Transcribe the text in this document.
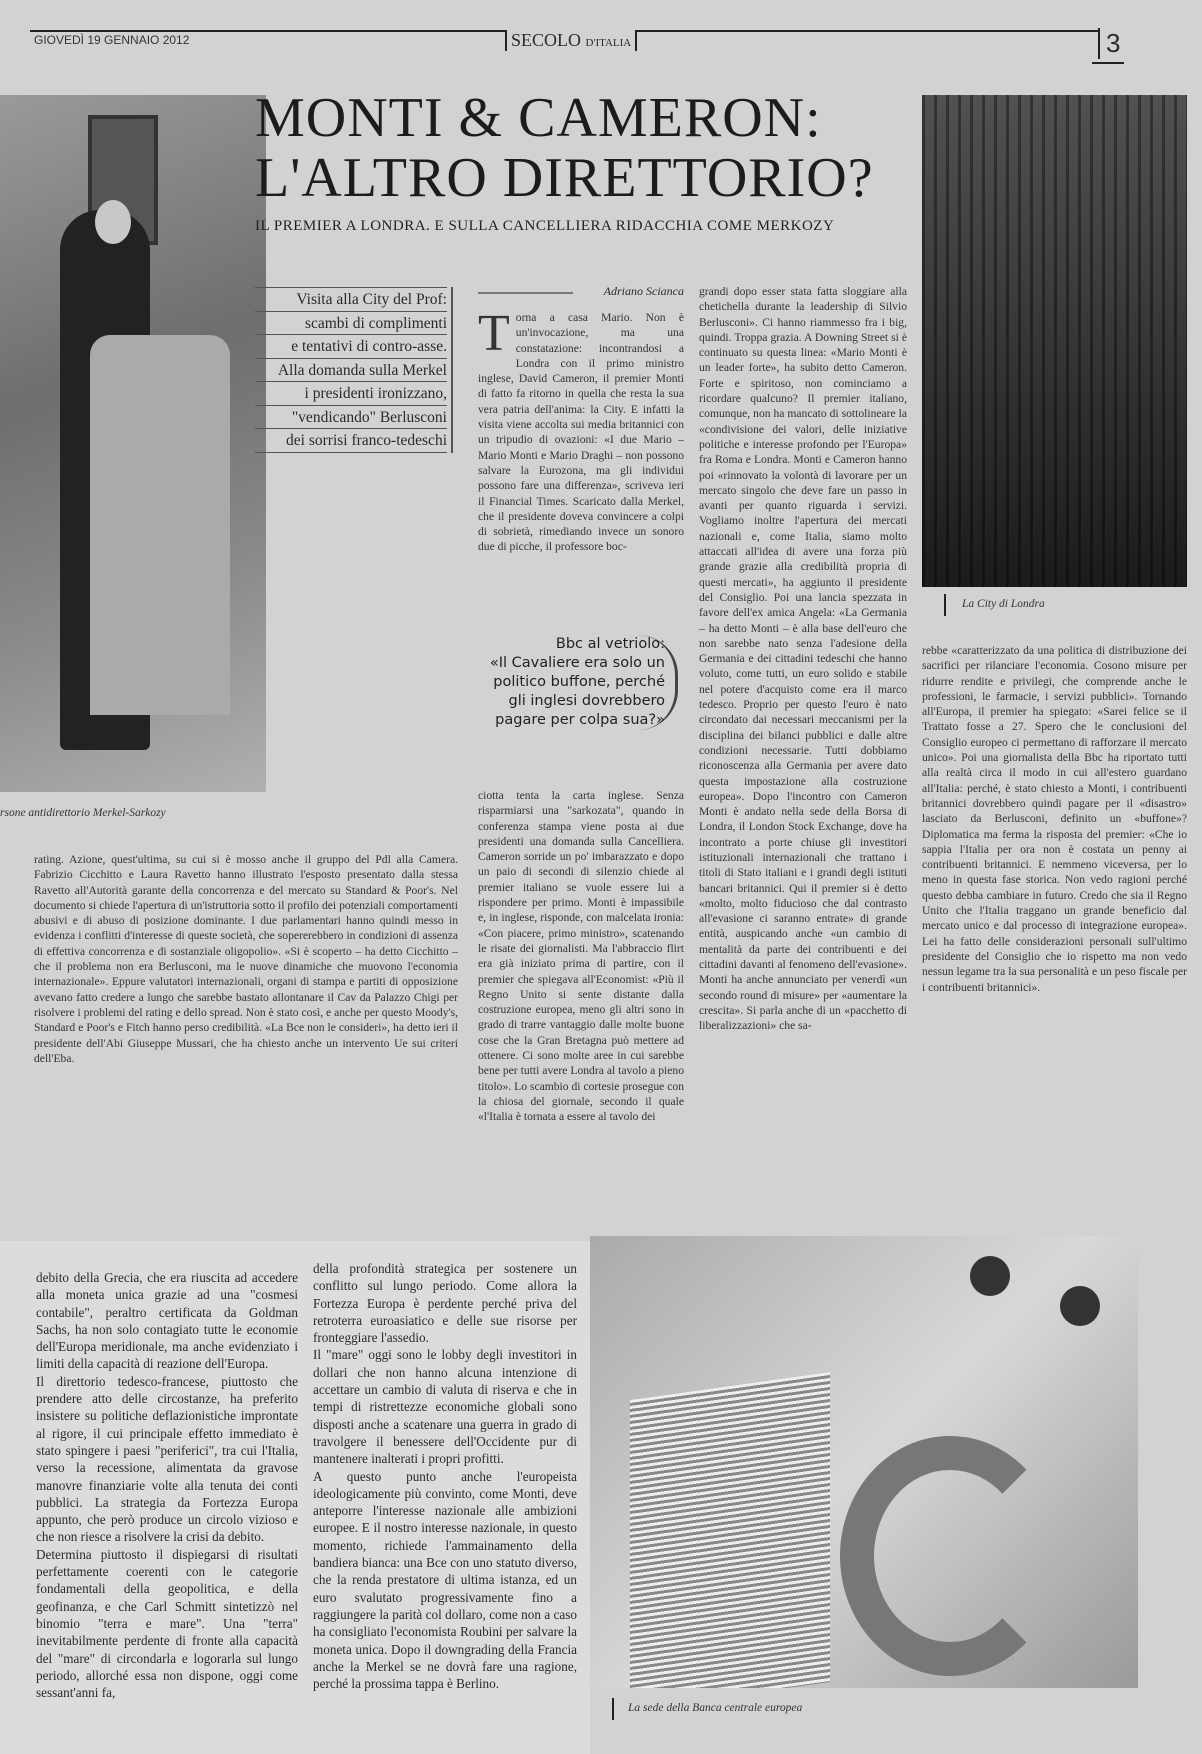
GIOVEDÌ 19 GENNAIO 2012	SECOLO D'ITALIA	3
rsone antidirettorio Merkel-Sarkozy
MONTI & CAMERON:
L'ALTRO DIRETTORIO?
IL PREMIER A LONDRA. E SULLA CANCELLIERA RIDACCHIA COME MERKOZY
Visita alla City del Prof:
scambi di complimenti
e tentativi di contro-asse.
Alla domanda sulla Merkel
i presidenti ironizzano,
"vendicando" Berlusconi
dei sorrisi franco-tedeschi
Adriano Scianca
Torna a casa Mario. Non è un'invocazione, ma una constatazione: incontrandosi a Londra con il primo ministro inglese, David Cameron, il premier Monti di fatto fa ritorno in quella che resta la sua vera patria dell'anima: la City. E infatti la visita viene accolta sui media britannici con un tripudio di ovazioni: «I due Mario – Mario Monti e Mario Draghi – non possono salvare la Eurozona, ma gli individui possono fare una differenza», scriveva ieri il Financial Times. Scaricato dalla Merkel, che il presidente doveva convincere a colpi di sobrietà, rimediando invece un sonoro due di picche, il professore boc-
Bbc al vetriolo:
«Il Cavaliere era solo un politico buffone, perché gli inglesi dovrebbero pagare per colpa sua?»
ciotta tenta la carta inglese. Senza risparmiarsi una "sarkozata", quando in conferenza stampa viene posta ai due presidenti una domanda sulla Cancelliera. Cameron sorride un po' imbarazzato e dopo un paio di secondi di silenzio chiede al premier italiano se vuole essere lui a rispondere per primo. Monti è impassibile e, in inglese, risponde, con malcelata ironia: «Con piacere, primo ministro», scatenando le risate dei giornalisti. Ma l'abbraccio flirt era già iniziato prima di partire, con il premier che spiegava all'Economist: «Più il Regno Unito si sente distante dalla costruzione europea, meno gli altri sono in grado di trarre vantaggio dalle molte buone cose che la Gran Bretagna può mettere ad ottenere. Ci sono molte aree in cui sarebbe bene per tutti avere Londra al tavolo a pieno titolo». Lo scambio di cortesie prosegue con la chiosa del giornale, secondo il quale «l'Italia è tornata a essere al tavolo dei
grandi dopo esser stata fatta sloggiare alla chetichella durante la leadership di Silvio Berlusconi». Ci hanno riammesso fra i big, quindi. Troppa grazia. A Downing Street si è continuato su questa linea: «Mario Monti è un leader forte», ha subito detto Cameron. Forte e spiritoso, non cominciamo a ricordare qualcuno? Il premier italiano, comunque, non ha mancato di sottolineare la «condivisione dei valori, delle iniziative politiche e interesse profondo per l'Europa» fra Roma e Londra. Monti e Cameron hanno poi «rinnovato la volontà di lavorare per un mercato singolo che deve fare un passo in avanti per quanto riguarda i servizi. Vogliamo inoltre l'apertura dei mercati nazionali e, come Italia, siamo molto attaccati all'idea di avere una forza più grande grazie alla credibilità propria di questi mercati», ha aggiunto il presidente del Consiglio. Poi una lancia spezzata in favore dell'ex amica Angela: «La Germania – ha detto Monti – è alla base dell'euro che non sarebbe nato senza l'adesione della Germania e dei cittadini tedeschi che hanno voluto, come tutti, un euro solido e stabile nel potere d'acquisto come era il marco tedesco. Proprio per questo l'euro è nato circondato dai necessari meccanismi per la disciplina dei bilanci pubblici e dalle altre condizioni necessarie. Tutti dobbiamo riconoscenza alla Germania per avere dato questa impostazione alla costruzione europea». Dopo l'incontro con Cameron Monti è andato nella sede della Borsa di Londra, il London Stock Exchange, dove ha incontrato a porte chiuse gli investitori istituzionali internazionali che trattano i titoli di Stato italiani e i grandi degli istituti bancari britannici. Qui il premier si è detto «molto, molto fiducioso che dal contrasto all'evasione ci saranno entrate» di grande entità, auspicando anche «un cambio di mentalità da parte dei contribuenti e dei cittadini davanti al fenomeno dell'evasione». Monti ha anche annunciato per venerdì «un secondo round di misure» per «aumentare la crescita». Si parla anche di un «pacchetto di liberalizzazioni» che sa-
La City di Londra
rebbe «caratterizzato da una politica di distribuzione dei sacrifici per rilanciare l'economia. Cosono misure per ridurre rendite e privilegi, che comprende anche le professioni, le farmacie, i servizi pubblici». Tornando all'Europa, il premier ha spiegato: «Sarei felice se il Trattato fosse a 27. Spero che le conclusioni del Consiglio europeo ci permettano di rafforzare il mercato unico». Poi una giornalista della Bbc ha riportato tutti alla realtà circa il modo in cui all'estero guardano all'Italia: perché, è stato chiesto a Monti, i contribuenti britannici dovrebbero quindi pagare per il «disastro» lasciato da Berlusconi, definito un «buffone»? Diplomatica ma ferma la risposta del premier: «Che io sappia l'Italia per ora non è costata un penny ai contribuenti britannici. E nemmeno viceversa, per lo meno in questa fase storica. Non vedo ragioni perché questo debba cambiare in futuro. Credo che sia il Regno Unito che l'Italia traggano un grande beneficio dal mercato unico e dal processo di integrazione europea». Lei ha fatto delle considerazioni personali sull'ultimo presidente del Consiglio che io rispetto ma non vedo nessun legame tra la sua personalità e un peso fiscale per i contribuenti britannici».
rating. Azione, quest'ultima, su cui si è mosso anche il gruppo del Pdl alla Camera. Fabrizio Cicchitto e Laura Ravetto hanno illustrato l'esposto presentato dalla stessa Ravetto all'Autorità garante della concorrenza e del mercato su Standard & Poor's. Nel documento si chiede l'apertura di un'istruttoria sotto il profilo dei potenziali comportamenti abusivi e di abuso di posizione dominante. I due parlamentari hanno quindi messo in evidenza i conflitti d'interesse di queste società, che sopererebbero in condizioni di assenza di effettiva concorrenza e di sostanziale oligopolio». «Si è scoperto – ha detto Cicchitto – che il problema non era Berlusconi, ma le nuove dinamiche che muovono l'economia internazionale». Eppure valutatori internazionali, organi di stampa e partiti di opposizione avevano fatto credere a lungo che sarebbe bastato allontanare il Cav da Palazzo Chigi per risolvere i problemi del rating e dello spread. Non è stato così, e anche per questo Moody's, Standard e Poor's e Fitch hanno perso credibilità. «La Bce non le consideri», ha detto ieri il presidente dell'Abi Giuseppe Mussari, che ha chiesto anche un intervento Ue sui criteri dell'Eba.
debito della Grecia, che era riuscita ad accedere alla moneta unica grazie ad una "cosmesi contabile", peraltro certificata da Goldman Sachs, ha non solo contagiato tutte le economie dell'Europa meridionale, ma anche evidenziato i limiti della capacità di reazione dell'Europa.
Il direttorio tedesco-francese, piuttosto che prendere atto delle circostanze, ha preferito insistere su politiche deflazionistiche improntate al rigore, il cui principale effetto immediato è stato spingere i paesi "periferici", tra cui l'Italia, verso la recessione, alimentata da gravose manovre finanziarie volte alla tenuta dei conti pubblici. La strategia da Fortezza Europa appunto, che però produce un circolo vizioso e che non riesce a risolvere la crisi da debito.
Determina piuttosto il dispiegarsi di risultati perfettamente coerenti con le categorie fondamentali della geopolitica, e della geofinanza, e che Carl Schmitt sintetizzò nel binomio "terra e mare". Una "terra" inevitabilmente perdente di fronte alla capacità del "mare" di circondarla e logorarla sul lungo periodo, allorché essa non dispone, oggi come sessant'anni fa,
della profondità strategica per sostenere un conflitto sul lungo periodo. Come allora la Fortezza Europa è perdente perché priva del retroterra euroasiatico e delle sue risorse per fronteggiare l'assedio.
Il "mare" oggi sono le lobby degli investitori in dollari che non hanno alcuna intenzione di accettare un cambio di valuta di riserva e che in tempi di ristrettezze economiche globali sono disposti anche a scatenare una guerra in grado di travolgere il benessere dell'Occidente pur di mantenere inalterati i propri profitti.
A questo punto anche l'europeista ideologicamente più convinto, come Monti, deve anteporre l'interesse nazionale alle ambizioni europee. E il nostro interesse nazionale, in questo momento, richiede l'ammainamento della bandiera bianca: una Bce con uno statuto diverso, che la renda prestatore di ultima istanza, ed un euro svalutato progressivamente fino a raggiungere la parità col dollaro, come non a caso ha consigliato l'economista Roubini per salvare la moneta unica. Dopo il downgrading della Francia anche la Merkel se ne dovrà fare una ragione, perché la prossima tappa è Berlino.
La sede della Banca centrale europea
